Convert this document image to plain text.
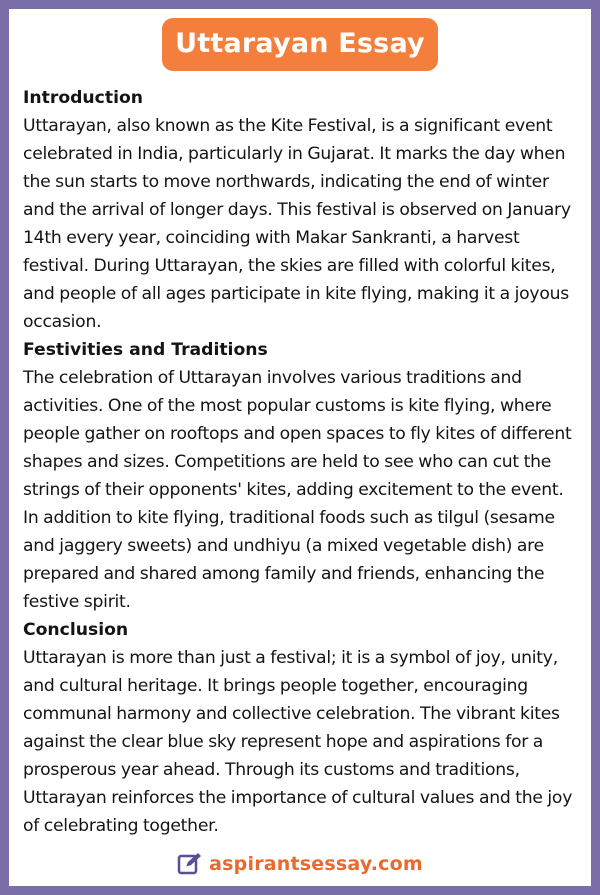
Uttarayan Essay

Introduction

Uttarayan, also known as the Kite Festival, is a significant event celebrated in India, particularly in Gujarat. It marks the day when the sun starts to move northwards, indicating the end of winter and the arrival of longer days. This festival is observed on January 14th every year, coinciding with Makar Sankranti, a harvest festival. During Uttarayan, the skies are filled with colorful kites, and people of all ages participate in kite flying, making it a joyous occasion.

Festivities and Traditions

The celebration of Uttarayan involves various traditions and activities. One of the most popular customs is kite flying, where people gather on rooftops and open spaces to fly kites of different shapes and sizes. Competitions are held to see who can cut the strings of their opponents' kites, adding excitement to the event. In addition to kite flying, traditional foods such as tilgul (sesame and jaggery sweets) and undhiyu (a mixed vegetable dish) are prepared and shared among family and friends, enhancing the festive spirit.

Conclusion

Uttarayan is more than just a festival; it is a symbol of joy, unity, and cultural heritage. It brings people together, encouraging communal harmony and collective celebration. The vibrant kites against the clear blue sky represent hope and aspirations for a prosperous year ahead. Through its customs and traditions, Uttarayan reinforces the importance of cultural values and the joy of celebrating together.

aspirantsessay.com
